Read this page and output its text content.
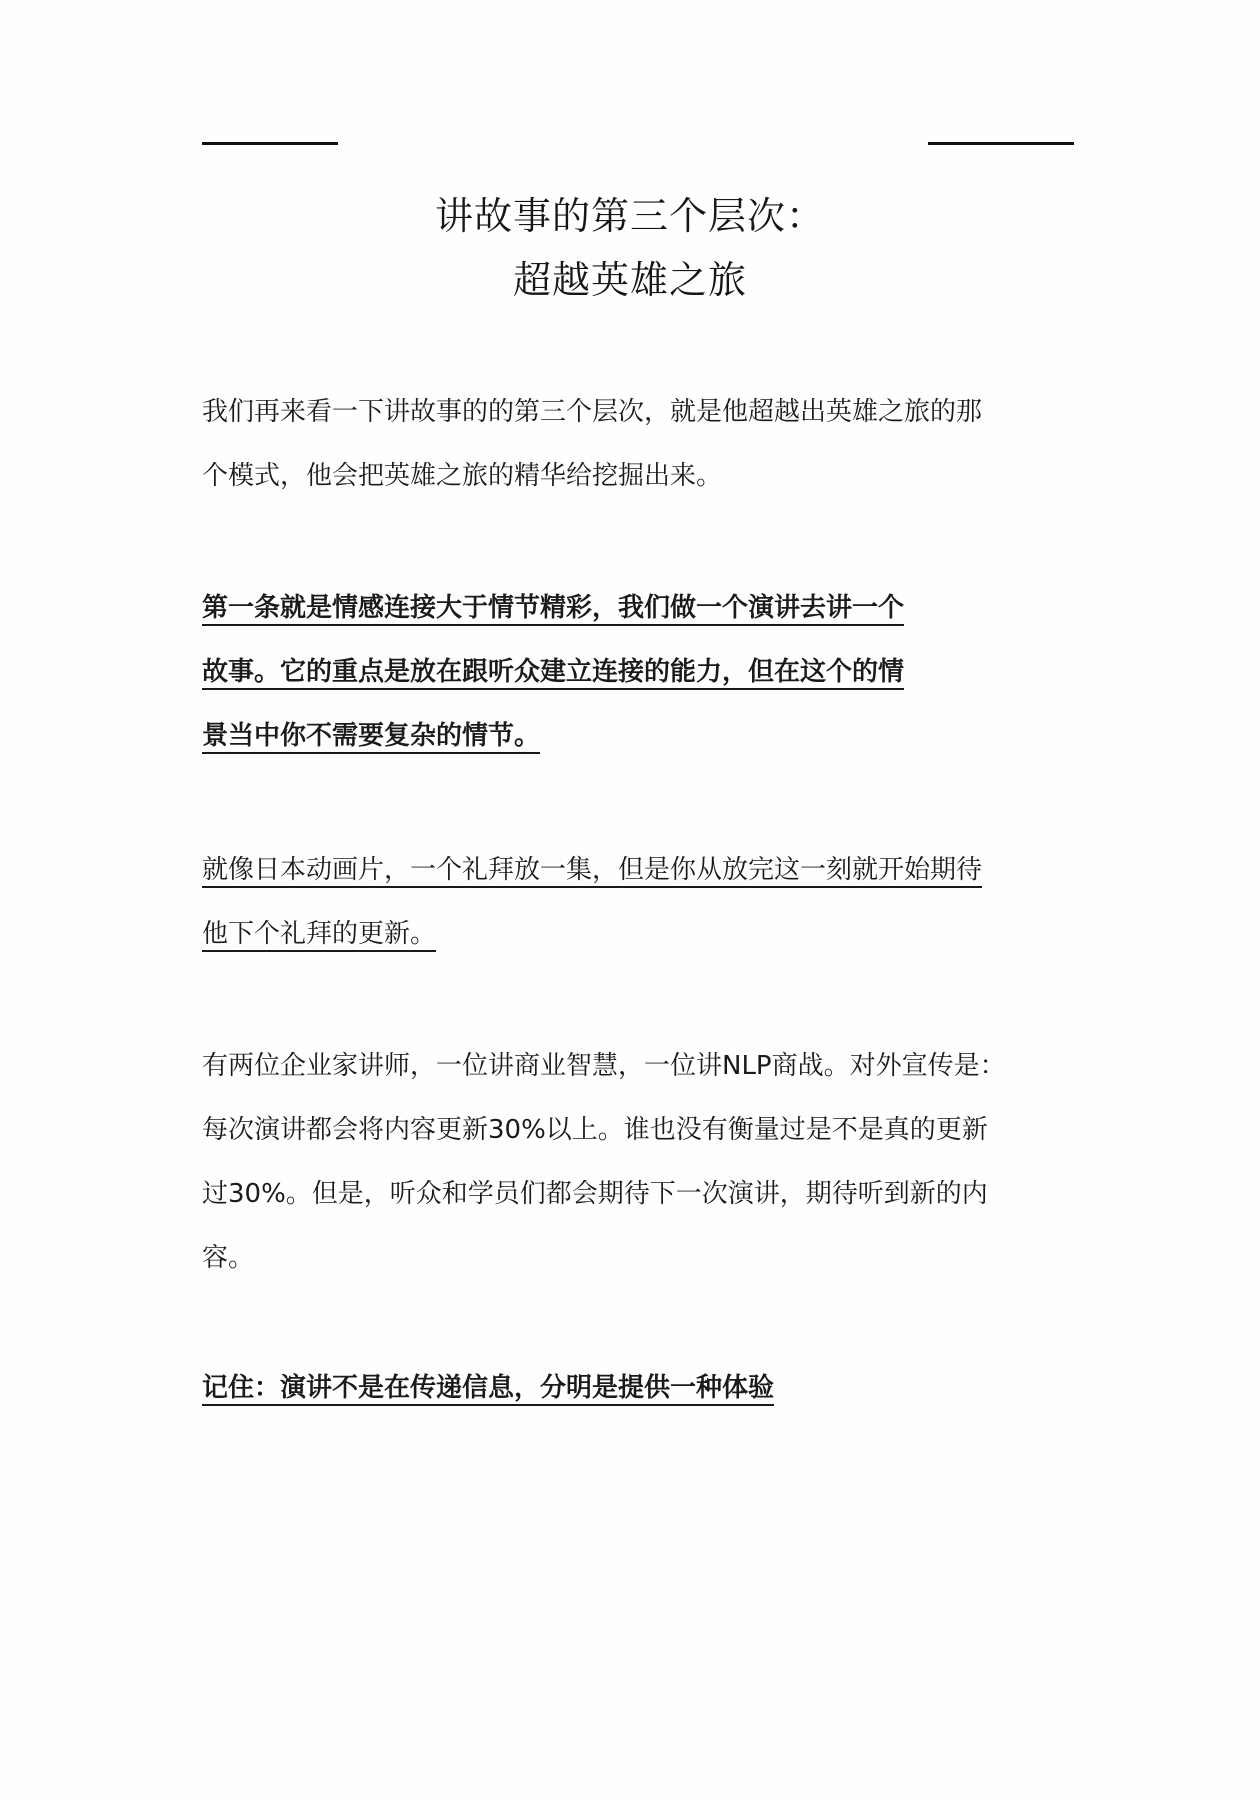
讲故事的第三个层次：
超越英雄之旅
我们再来看一下讲故事的的第三个层次，就是他超越出英雄之旅的那
个模式，他会把英雄之旅的精华给挖掘出来。
第一条就是情感连接大于情节精彩，我们做一个演讲去讲一个
故事。它的重点是放在跟听众建立连接的能力，但在这个的情
景当中你不需要复杂的情节。
就像日本动画片，一个礼拜放一集，但是你从放完这一刻就开始期待
他下个礼拜的更新。
有两位企业家讲师，一位讲商业智慧，一位讲NLP商战。对外宣传是：
每次演讲都会将内容更新30%以上。谁也没有衡量过是不是真的更新
过30%。但是，听众和学员们都会期待下一次演讲，期待听到新的内
容。
记住：演讲不是在传递信息，分明是提供一种体验
